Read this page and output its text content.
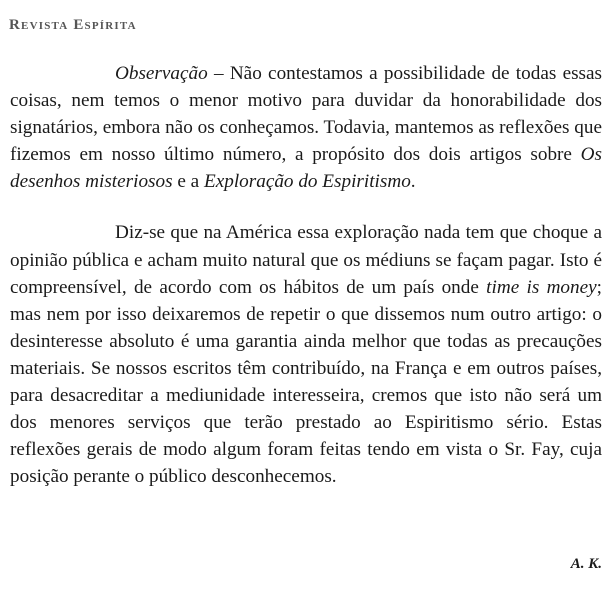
Revista Espírita

Observação – Não contestamos a possibilidade de todas essas coisas, nem temos o menor motivo para duvidar da honorabilidade dos signatários, embora não os conheçamos. Todavia, mantemos as reflexões que fizemos em nosso último número, a propósito dos dois artigos sobre Os desenhos misteriosos e a Exploração do Espiritismo.

Diz-se que na América essa exploração nada tem que choque a opinião pública e acham muito natural que os médiuns se façam pagar. Isto é compreensível, de acordo com os hábitos de um país onde time is money; mas nem por isso deixaremos de repetir o que dissemos num outro artigo: o desinteresse absoluto é uma garantia ainda melhor que todas as precauções materiais. Se nossos escritos têm contribuído, na França e em outros países, para desacreditar a mediunidade interesseira, cremos que isto não será um dos menores serviços que terão prestado ao Espiritismo sério. Estas reflexões gerais de modo algum foram feitas tendo em vista o Sr. Fay, cuja posição perante o público desconhecemos.

A. K.
